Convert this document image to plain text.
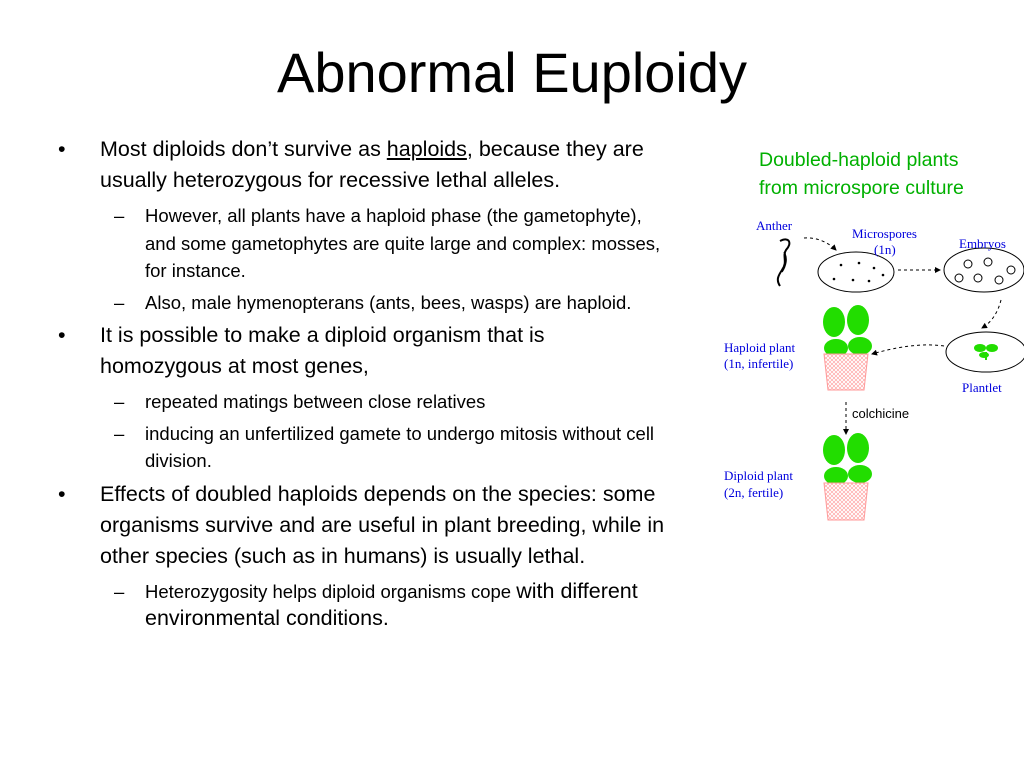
Abnormal Euploidy
• Most diploids don’t survive as haploids, because they are usually heterozygous for recessive lethal alleles.
– However, all plants have a haploid phase (the gametophyte), and some gametophytes are quite large and complex: mosses, for instance.
– Also, male hymenopterans (ants, bees, wasps) are haploid.
• It is possible to make a diploid organism that is homozygous at most genes,
– repeated matings between close relatives
– inducing an unfertilized gamete to undergo mitosis without cell division.
• Effects of doubled haploids depends on the species: some organisms survive and are useful in plant breeding, while in other species (such as in humans) is usually lethal.
– Heterozygosity helps diploid organisms cope with different environmental conditions.

Doubled-haploid plants
from microspore culture

Anther
Microspores
(1n)	Embryos
Haploid plant
(1n, infertile)
Plantlet
colchicine
Diploid plant
(2n, fertile)
